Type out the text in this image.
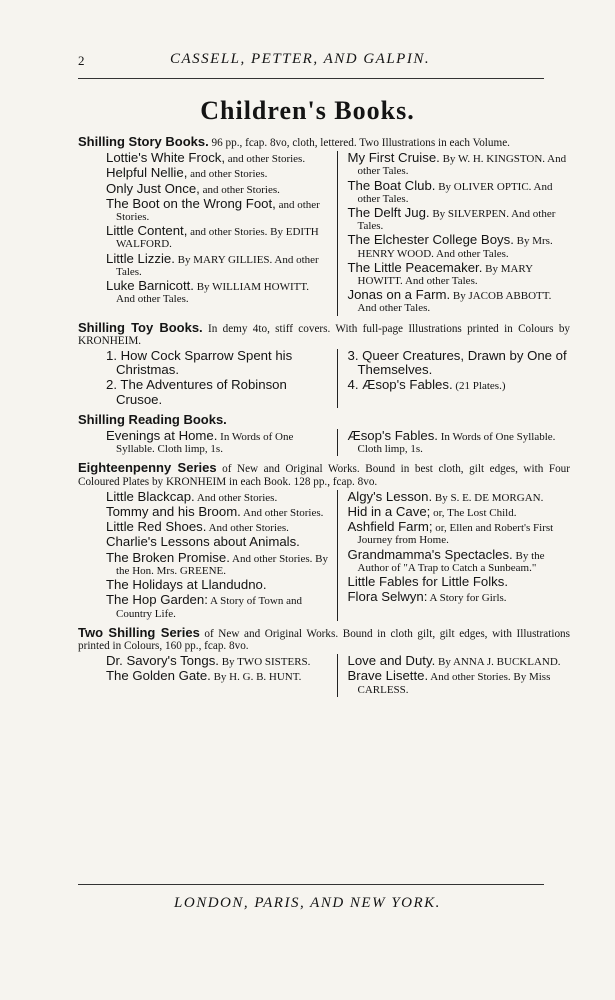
2	CASSELL, PETTER, AND GALPIN.
Children's Books.
Shilling Story Books. 96 pp., fcap. 8vo, cloth, lettered. Two Illustrations in each Volume.
Lottie's White Frock, and other Stories.
Helpful Nellie, and other Stories.
Only Just Once, and other Stories.
The Boot on the Wrong Foot, and other Stories.
Little Content, and other Stories. By EDITH WALFORD.
Little Lizzie. By MARY GILLIES. And other Tales.
Luke Barnicott. By WILLIAM HOWITT. And other Tales.
My First Cruise. By W. H. KINGSTON. And other Tales.
The Boat Club. By OLIVER OPTIC. And other Tales.
The Delft Jug. By SILVERPEN. And other Tales.
The Elchester College Boys. By Mrs. HENRY WOOD. And other Tales.
The Little Peacemaker. By MARY HOWITT. And other Tales.
Jonas on a Farm. By JACOB ABBOTT. And other Tales.
Shilling Toy Books. In demy 4to, stiff covers. With full-page Illustrations printed in Colours by KRONHEIM.
1. How Cock Sparrow Spent his Christmas.
2. The Adventures of Robinson Crusoe.
3. Queer Creatures, Drawn by One of Themselves.
4. Æsop's Fables. (21 Plates.)
Shilling Reading Books.
Evenings at Home. In Words of One Syllable. Cloth limp, 1s.
Æsop's Fables. In Words of One Syllable. Cloth limp, 1s.
Eighteenpenny Series of New and Original Works. Bound in best cloth, gilt edges, with Four Coloured Plates by KRONHEIM in each Book. 128 pp., fcap. 8vo.
Little Blackcap. And other Stories.
Tommy and his Broom. And other Stories.
Little Red Shoes. And other Stories.
Charlie's Lessons about Animals.
The Broken Promise. And other Stories. By the Hon. Mrs. GREENE.
The Holidays at Llandudno.
The Hop Garden: A Story of Town and Country Life.
Algy's Lesson. By S. E. DE MORGAN.
Hid in a Cave; or, The Lost Child.
Ashfield Farm; or, Ellen and Robert's First Journey from Home.
Grandmamma's Spectacles. By the Author of "A Trap to Catch a Sunbeam."
Little Fables for Little Folks.
Flora Selwyn: A Story for Girls.
Two Shilling Series of New and Original Works. Bound in cloth gilt, gilt edges, with Illustrations printed in Colours, 160 pp., fcap. 8vo.
Dr. Savory's Tongs. By TWO SISTERS.
The Golden Gate. By H. G. B. HUNT.
Love and Duty. By ANNA J. BUCKLAND.
Brave Lisette. And other Stories. By Miss CARLESS.
LONDON, PARIS, AND NEW YORK.
